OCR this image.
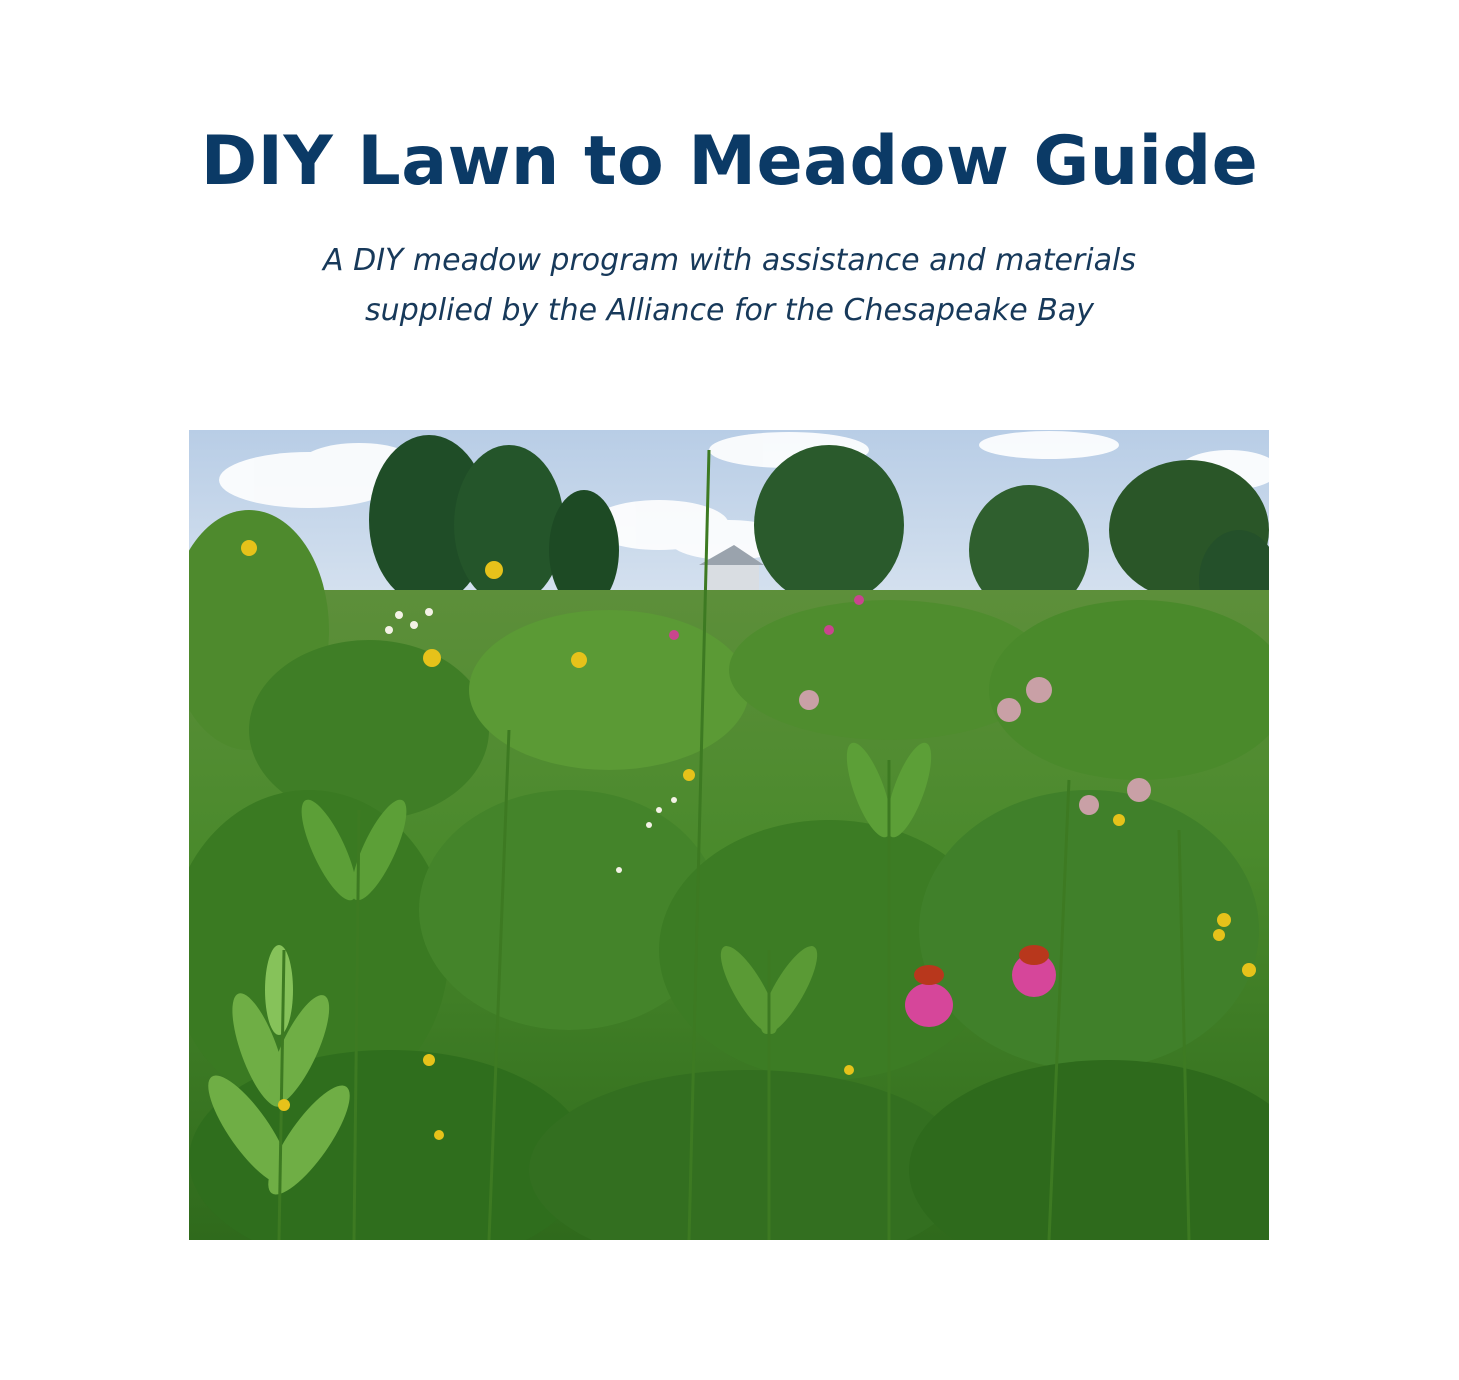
DIY Lawn to Meadow Guide
A DIY meadow program with assistance and materials
supplied by the Alliance for the Chesapeake Bay
